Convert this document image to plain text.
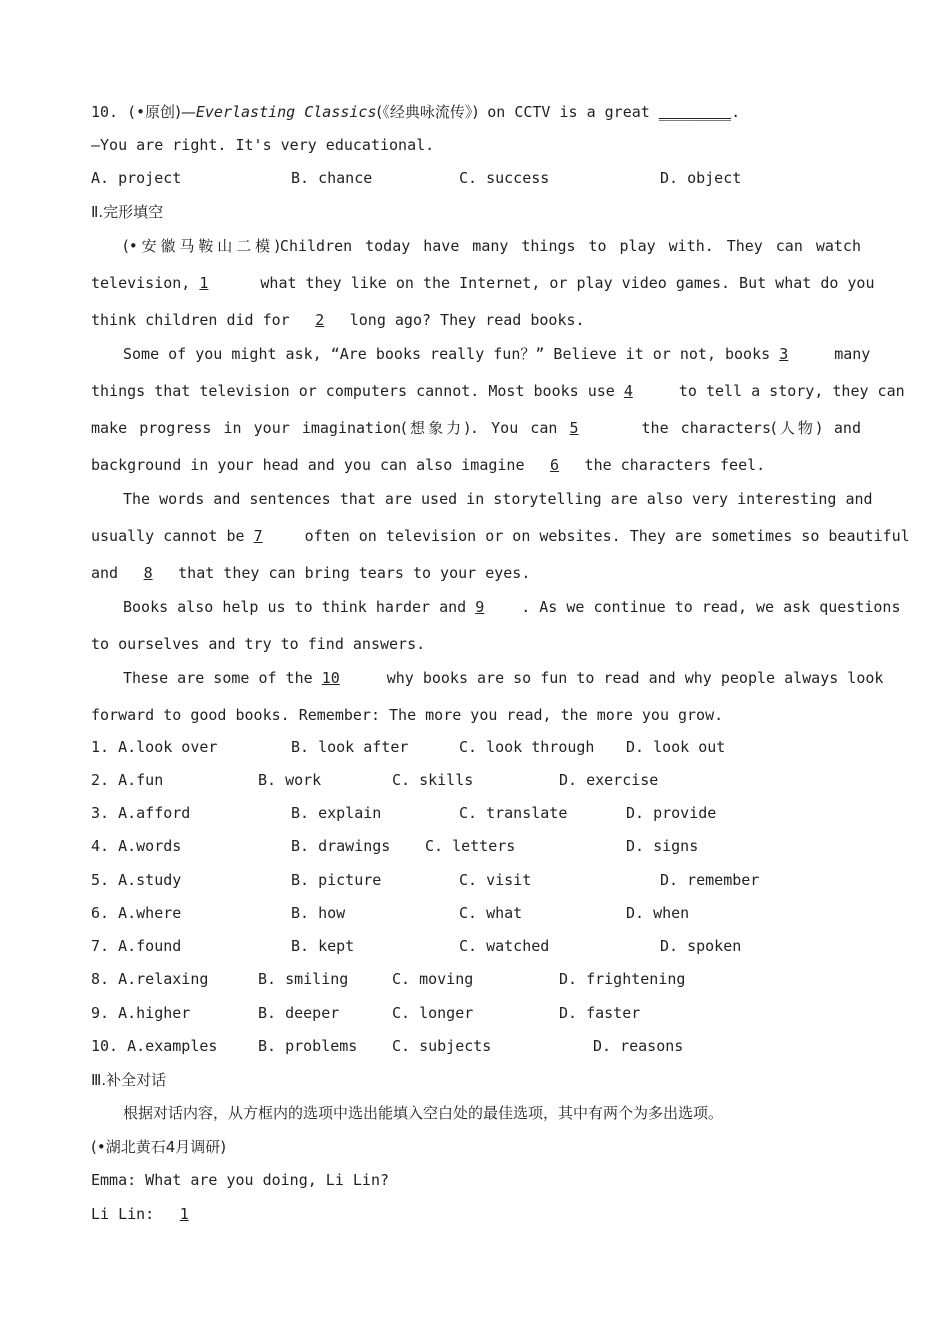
10. (•原创)—Everlasting Classics(《经典咏流传》) on CCTV is a great ________.
—You are right. It's very educational.
A. project	B. chance	C. success	D. object
Ⅱ.完形填空
(•安徽马鞍山二模)Children today have many things to play with. They can watch
television, 1	what they like on the Internet, or play video games. But what do you
think children did for 2 long ago? They read books.
Some of you might ask, “Are books really fun？” Believe it or not, books 3 many
things that television or computers cannot. Most books use 4 to tell a story, they can
make progress in your imagination(想象力). You can 5	the characters(人物) and
background in your head and you can also imagine 6 the characters feel.
The words and sentences that are used in storytelling are also very interesting and
usually cannot be 7 often on television or on websites. They are sometimes so beautiful
and 8 that they can bring tears to your eyes.
Books also help us to think harder and 9 . As we continue to read, we ask questions
to ourselves and try to find answers.
These are some of the 10	why books are so fun to read and why people always look
forward to good books. Remember: The more you read, the more you grow.
1. A.look over	B. look after	C. look through D. look out
2. A.fun	B. work	C. skills	D. exercise
3. A.afford	B. explain	C. translate	D. provide
4. A.words	B. drawings C. letters	D. signs
5. A.study	B. picture	C. visit	D. remember
6. A.where	B. how	C. what	D. when
7. A.found	B. kept	C. watched	D. spoken
8. A.relaxing	B. smiling	C. moving	D. frightening
9. A.higher	B. deeper	C. longer	D. faster
10. A.examples	B. problems C. subjects	D. reasons
Ⅲ.补全对话
根据对话内容，从方框内的选项中选出能填入空白处的最佳选项，其中有两个为多出选项。
(•湖北黄石4月调研)
Emma: What are you doing, Li Lin?
Li Lin: 1
